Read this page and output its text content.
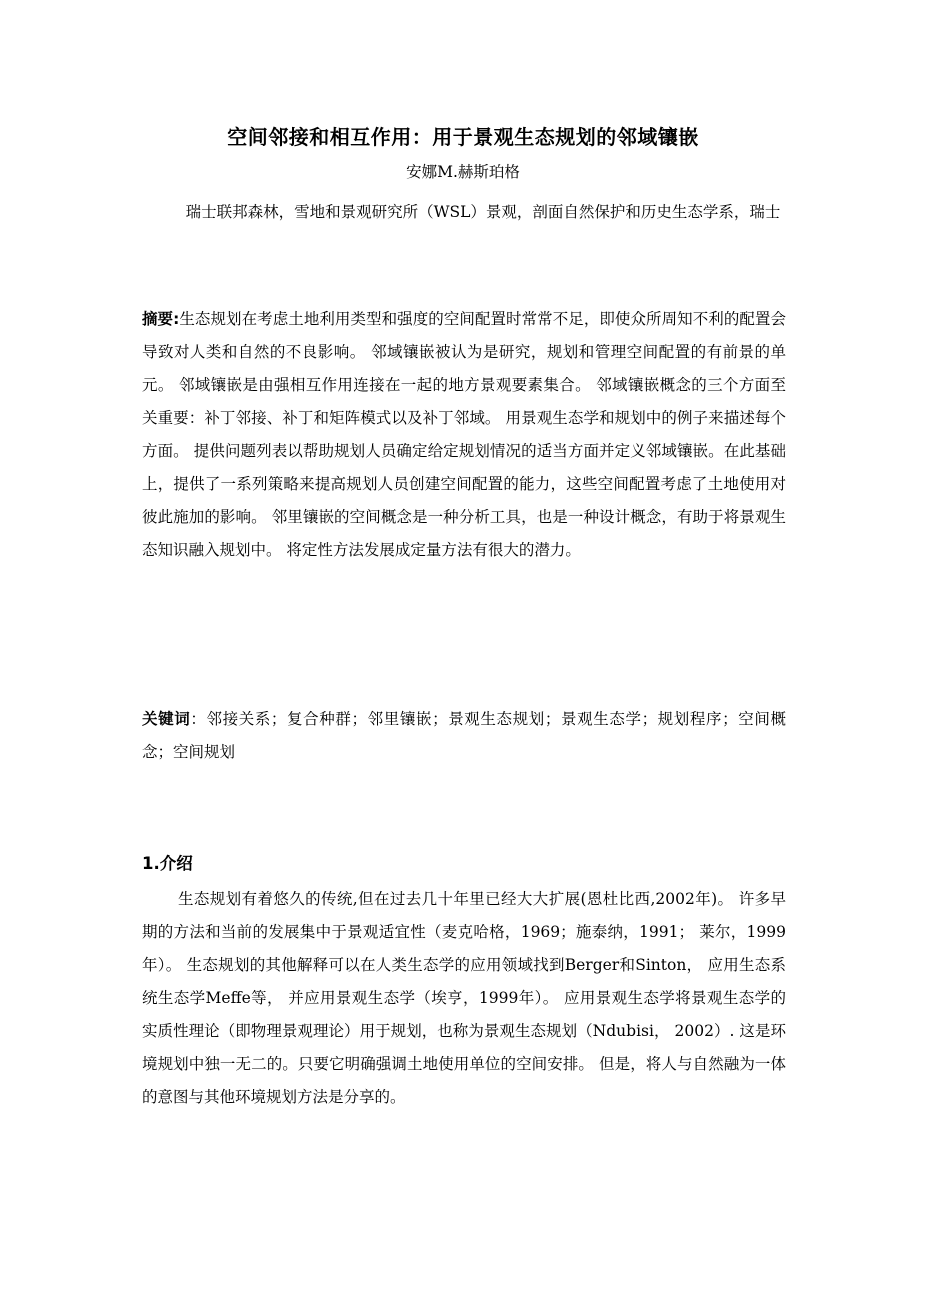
空间邻接和相互作用：用于景观生态规划的邻域镶嵌
安娜M.赫斯珀格
瑞士联邦森林，雪地和景观研究所（WSL）景观，剖面自然保护和历史生态学系，瑞士
摘要:生态规划在考虑土地利用类型和强度的空间配置时常常不足，即使众所周知不利的配置会导致对人类和自然的不良影响。 邻域镶嵌被认为是研究，规划和管理空间配置的有前景的单元。 邻域镶嵌是由强相互作用连接在一起的地方景观要素集合。 邻域镶嵌概念的三个方面至关重要：补丁邻接、补丁和矩阵模式以及补丁邻域。 用景观生态学和规划中的例子来描述每个方面。 提供问题列表以帮助规划人员确定给定规划情况的适当方面并定义邻域镶嵌。在此基础上，提供了一系列策略来提高规划人员创建空间配置的能力，这些空间配置考虑了土地使用对彼此施加的影响。 邻里镶嵌的空间概念是一种分析工具，也是一种设计概念，有助于将景观生态知识融入规划中。 将定性方法发展成定量方法有很大的潜力。
关键词：邻接关系；复合种群；邻里镶嵌；景观生态规划；景观生态学；规划程序；空间概念；空间规划
1.介绍
生态规划有着悠久的传统,但在过去几十年里已经大大扩展(恩杜比西,2002年)。 许多早期的方法和当前的发展集中于景观适宜性（麦克哈格，1969；施泰纳，1991； 莱尔，1999年）。 生态规划的其他解释可以在人类生态学的应用领域找到Berger和Sinton， 应用生态系统生态学Meffe等， 并应用景观生态学（埃亨，1999年）。 应用景观生态学将景观生态学的实质性理论（即物理景观理论）用于规划，也称为景观生态规划（Ndubisi， 2002）. 这是环境规划中独一无二的。只要它明确强调土地使用单位的空间安排。 但是，将人与自然融为一体的意图与其他环境规划方法是分享的。
